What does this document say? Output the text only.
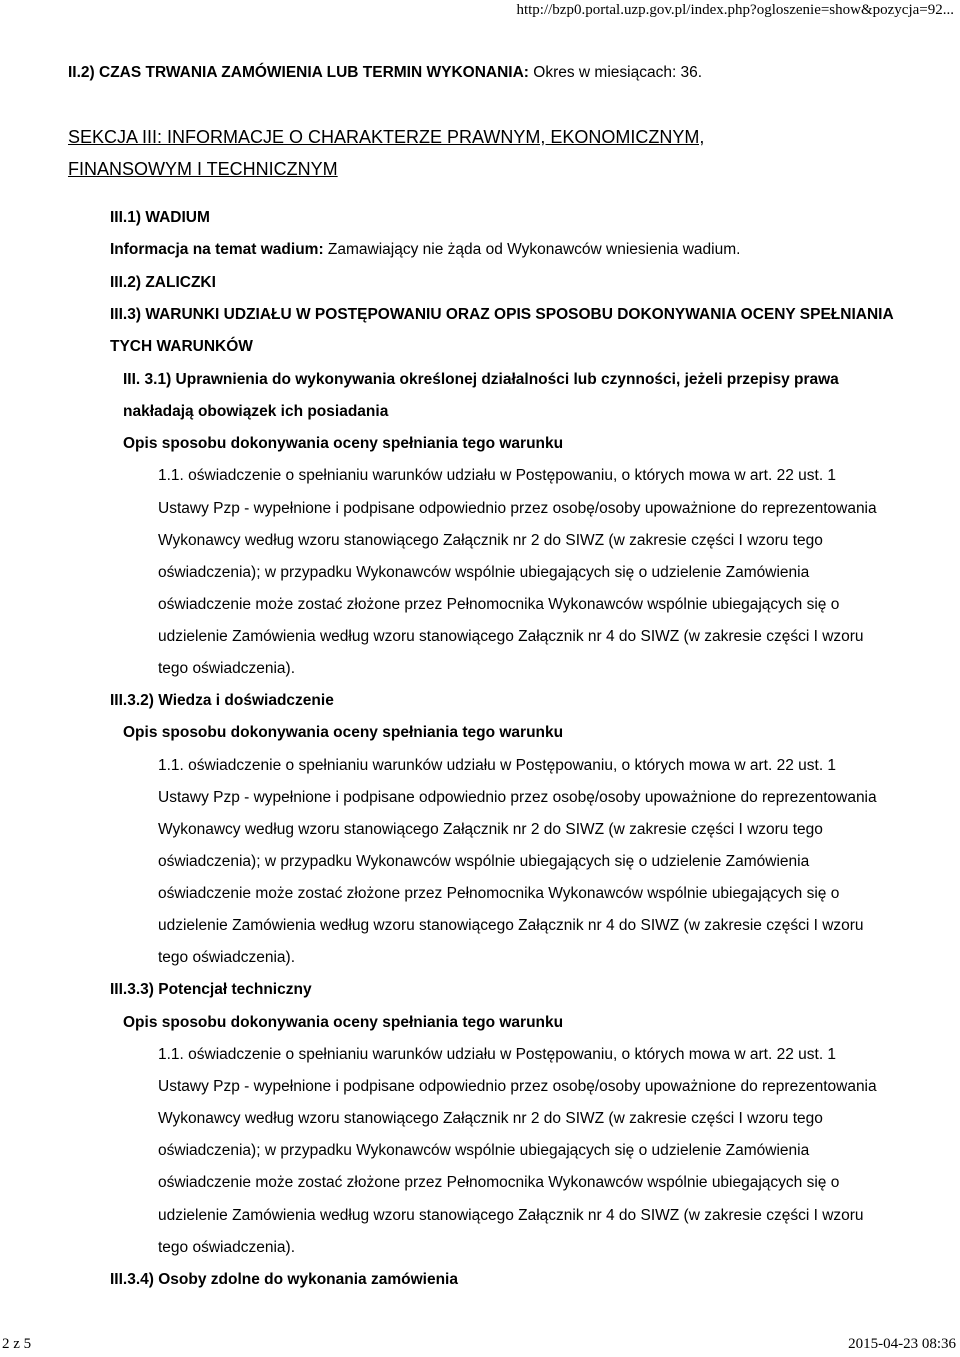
http://bzp0.portal.uzp.gov.pl/index.php?ogloszenie=show&pozycja=92...
II.2) CZAS TRWANIA ZAMÓWIENIA LUB TERMIN WYKONANIA: Okres w miesiącach: 36.
SEKCJA III: INFORMACJE O CHARAKTERZE PRAWNYM, EKONOMICZNYM,
FINANSOWYM I TECHNICZNYM
III.1) WADIUM
Informacja na temat wadium: Zamawiający nie żąda od Wykonawców wniesienia wadium.
III.2) ZALICZKI
III.3) WARUNKI UDZIAŁU W POSTĘPOWANIU ORAZ OPIS SPOSOBU DOKONYWANIA OCENY SPEŁNIANIA
TYCH WARUNKÓW
III. 3.1) Uprawnienia do wykonywania określonej działalności lub czynności, jeżeli przepisy prawa
nakładają obowiązek ich posiadania
Opis sposobu dokonywania oceny spełniania tego warunku
1.1. oświadczenie o spełnianiu warunków udziału w Postępowaniu, o których mowa w art. 22 ust. 1
Ustawy Pzp - wypełnione i podpisane odpowiednio przez osobę/osoby upoważnione do reprezentowania
Wykonawcy według wzoru stanowiącego Załącznik nr 2 do SIWZ (w zakresie części I wzoru tego
oświadczenia); w przypadku Wykonawców wspólnie ubiegających się o udzielenie Zamówienia
oświadczenie może zostać złożone przez Pełnomocnika Wykonawców wspólnie ubiegających się o
udzielenie Zamówienia według wzoru stanowiącego Załącznik nr 4 do SIWZ (w zakresie części I wzoru
tego oświadczenia).
III.3.2) Wiedza i doświadczenie
Opis sposobu dokonywania oceny spełniania tego warunku
1.1. oświadczenie o spełnianiu warunków udziału w Postępowaniu, o których mowa w art. 22 ust. 1
Ustawy Pzp - wypełnione i podpisane odpowiednio przez osobę/osoby upoważnione do reprezentowania
Wykonawcy według wzoru stanowiącego Załącznik nr 2 do SIWZ (w zakresie części I wzoru tego
oświadczenia); w przypadku Wykonawców wspólnie ubiegających się o udzielenie Zamówienia
oświadczenie może zostać złożone przez Pełnomocnika Wykonawców wspólnie ubiegających się o
udzielenie Zamówienia według wzoru stanowiącego Załącznik nr 4 do SIWZ (w zakresie części I wzoru
tego oświadczenia).
III.3.3) Potencjał techniczny
Opis sposobu dokonywania oceny spełniania tego warunku
1.1. oświadczenie o spełnianiu warunków udziału w Postępowaniu, o których mowa w art. 22 ust. 1
Ustawy Pzp - wypełnione i podpisane odpowiednio przez osobę/osoby upoważnione do reprezentowania
Wykonawcy według wzoru stanowiącego Załącznik nr 2 do SIWZ (w zakresie części I wzoru tego
oświadczenia); w przypadku Wykonawców wspólnie ubiegających się o udzielenie Zamówienia
oświadczenie może zostać złożone przez Pełnomocnika Wykonawców wspólnie ubiegających się o
udzielenie Zamówienia według wzoru stanowiącego Załącznik nr 4 do SIWZ (w zakresie części I wzoru
tego oświadczenia).
III.3.4) Osoby zdolne do wykonania zamówienia
2 z 5	2015-04-23 08:36
